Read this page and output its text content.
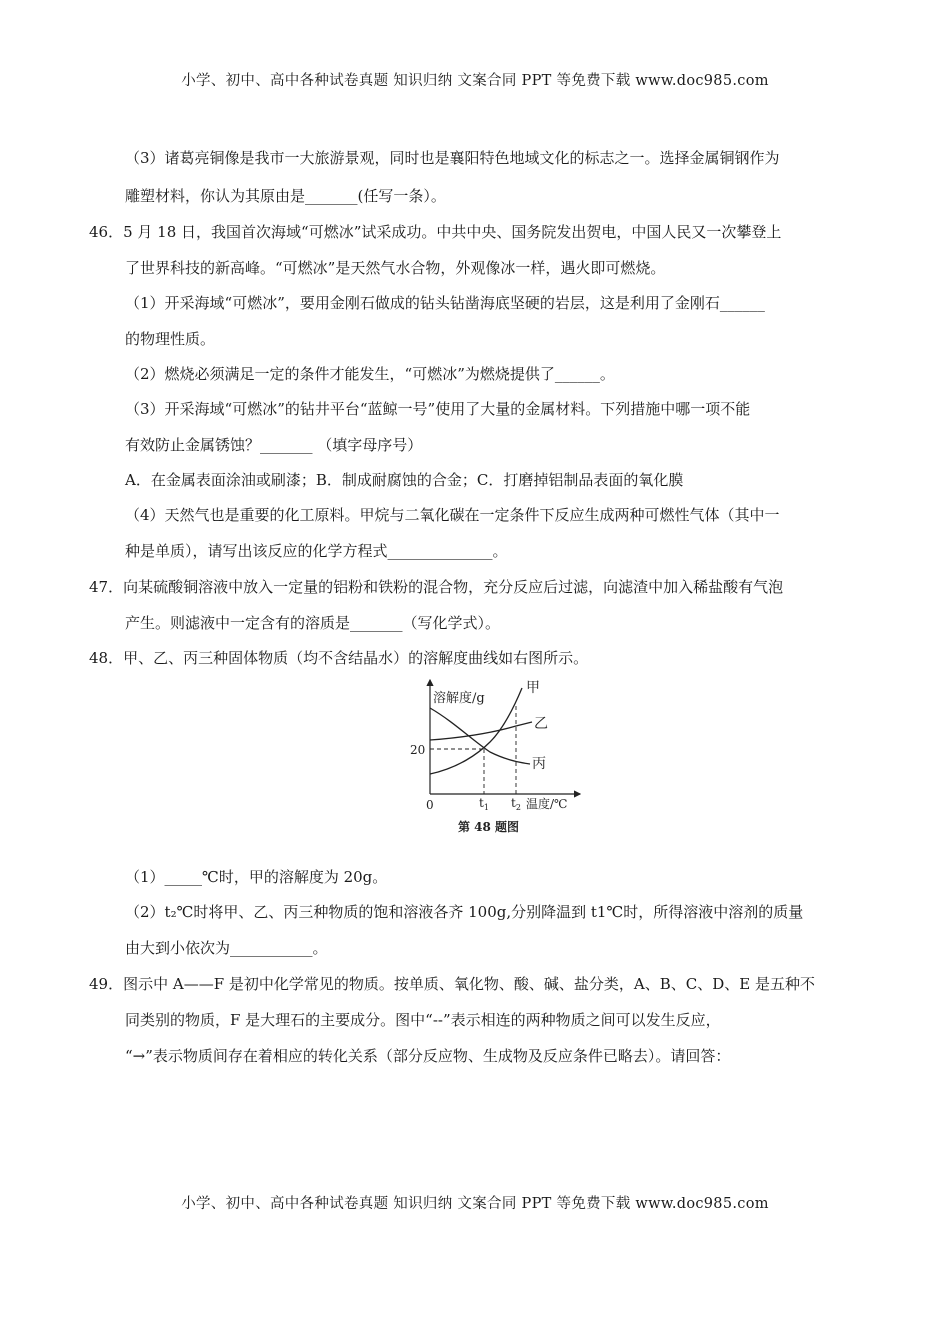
小学、初中、高中各种试卷真题 知识归纳 文案合同 PPT 等免费下载 www.doc985.com
（3）诸葛亮铜像是我市一大旅游景观，同时也是襄阳特色地域文化的标志之一。选择金属铜钢作为
雕塑材料，你认为其原由是_______(任写一条）。
46．5 月 18 日，我国首次海域“可燃冰”试采成功。中共中央、国务院发出贺电，中国人民又一次攀登上
了世界科技的新高峰。“可燃冰”是天然气水合物，外观像冰一样，遇火即可燃烧。
（1）开采海域“可燃冰”，要用金刚石做成的钻头钻凿海底坚硬的岩层，这是利用了金刚石______
的物理性质。
（2）燃烧必须满足一定的条件才能发生，“可燃冰”为燃烧提供了______。
（3）开采海域“可燃冰”的钻井平台“蓝鲸一号”使用了大量的金属材料。下列措施中哪一项不能
有效防止金属锈蚀？_______ （填字母序号）
A．在金属表面涂油或刷漆；B．制成耐腐蚀的合金；C．打磨掉铝制品表面的氧化膜
（4）天然气也是重要的化工原料。甲烷与二氧化碳在一定条件下反应生成两种可燃性气体（其中一
种是单质），请写出该反应的化学方程式______________。
47．向某硫酸铜溶液中放入一定量的铝粉和铁粉的混合物，充分反应后过滤，向滤渣中加入稀盐酸有气泡
产生。则滤液中一定含有的溶质是_______（写化学式）。
48．甲、乙、丙三种固体物质（均不含结晶水）的溶解度曲线如右图所示。
溶解度/g
温度/℃
0
20
$t_1$ $t_2$
甲
乙
丙
第 48 题图
（1）_____℃时，甲的溶解度为 20g。
（2）t₂℃时将甲、乙、丙三种物质的饱和溶液各齐 100g,分别降温到 t1℃时，所得溶液中溶剂的质量
由大到小依次为___________。
49．图示中 A——F 是初中化学常见的物质。按单质、氧化物、酸、碱、盐分类，A、B、C、D、E 是五种不
同类别的物质，F 是大理石的主要成分。图中“--”表示相连的两种物质之间可以发生反应，
“→”表示物质间存在着相应的转化关系（部分反应物、生成物及反应条件已略去）。请回答：
小学、初中、高中各种试卷真题 知识归纳 文案合同 PPT 等免费下载 www.doc985.com
